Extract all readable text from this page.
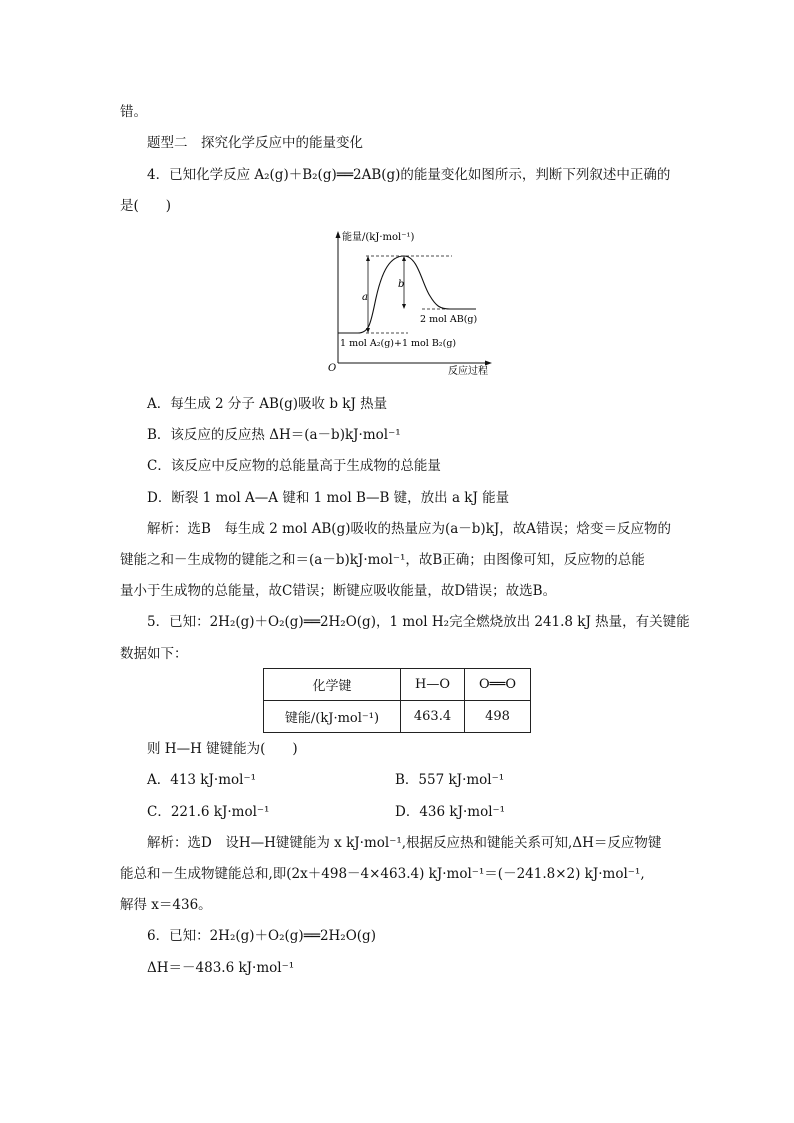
错。
题型二　探究化学反应中的能量变化
4．已知化学反应 A₂(g)＋B₂(g)══2AB(g)的能量变化如图所示，判断下列叙述中正确的
是(　　)
能量/(kJ·mol⁻¹)
O	反应过程
a
b
2 mol AB(g)
1 mol A₂(g)+1 mol B₂(g)
A．每生成 2 分子 AB(g)吸收 b kJ 热量
B．该反应的反应热 ΔH＝(a－b)kJ·mol⁻¹
C．该反应中反应物的总能量高于生成物的总能量
D．断裂 1 mol A—A 键和 1 mol B—B 键，放出 a kJ 能量
解析：选B　每生成 2 mol AB(g)吸收的热量应为(a－b)kJ，故A错误；焓变＝反应物的
键能之和－生成物的键能之和＝(a－b)kJ·mol⁻¹，故B正确；由图像可知，反应物的总能
量小于生成物的总能量，故C错误；断键应吸收能量，故D错误；故选B。
5．已知：2H₂(g)＋O₂(g)══2H₂O(g)，1 mol H₂完全燃烧放出 241.8 kJ 热量，有关键能
数据如下：
化学键	H—O	O══O
键能/(kJ·mol⁻¹)	463.4	498
则 H—H 键键能为(　　)
A．413 kJ·mol⁻¹	B．557 kJ·mol⁻¹
C．221.6 kJ·mol⁻¹	D．436 kJ·mol⁻¹
解析：选D　设H—H键键能为 x kJ·mol⁻¹,根据反应热和键能关系可知,ΔH＝反应物键
能总和－生成物键能总和,即(2x＋498－4×463.4) kJ·mol⁻¹＝(－241.8×2) kJ·mol⁻¹,
解得 x＝436。
6．已知：2H₂(g)＋O₂(g)══2H₂O(g)
ΔH＝－483.6 kJ·mol⁻¹
